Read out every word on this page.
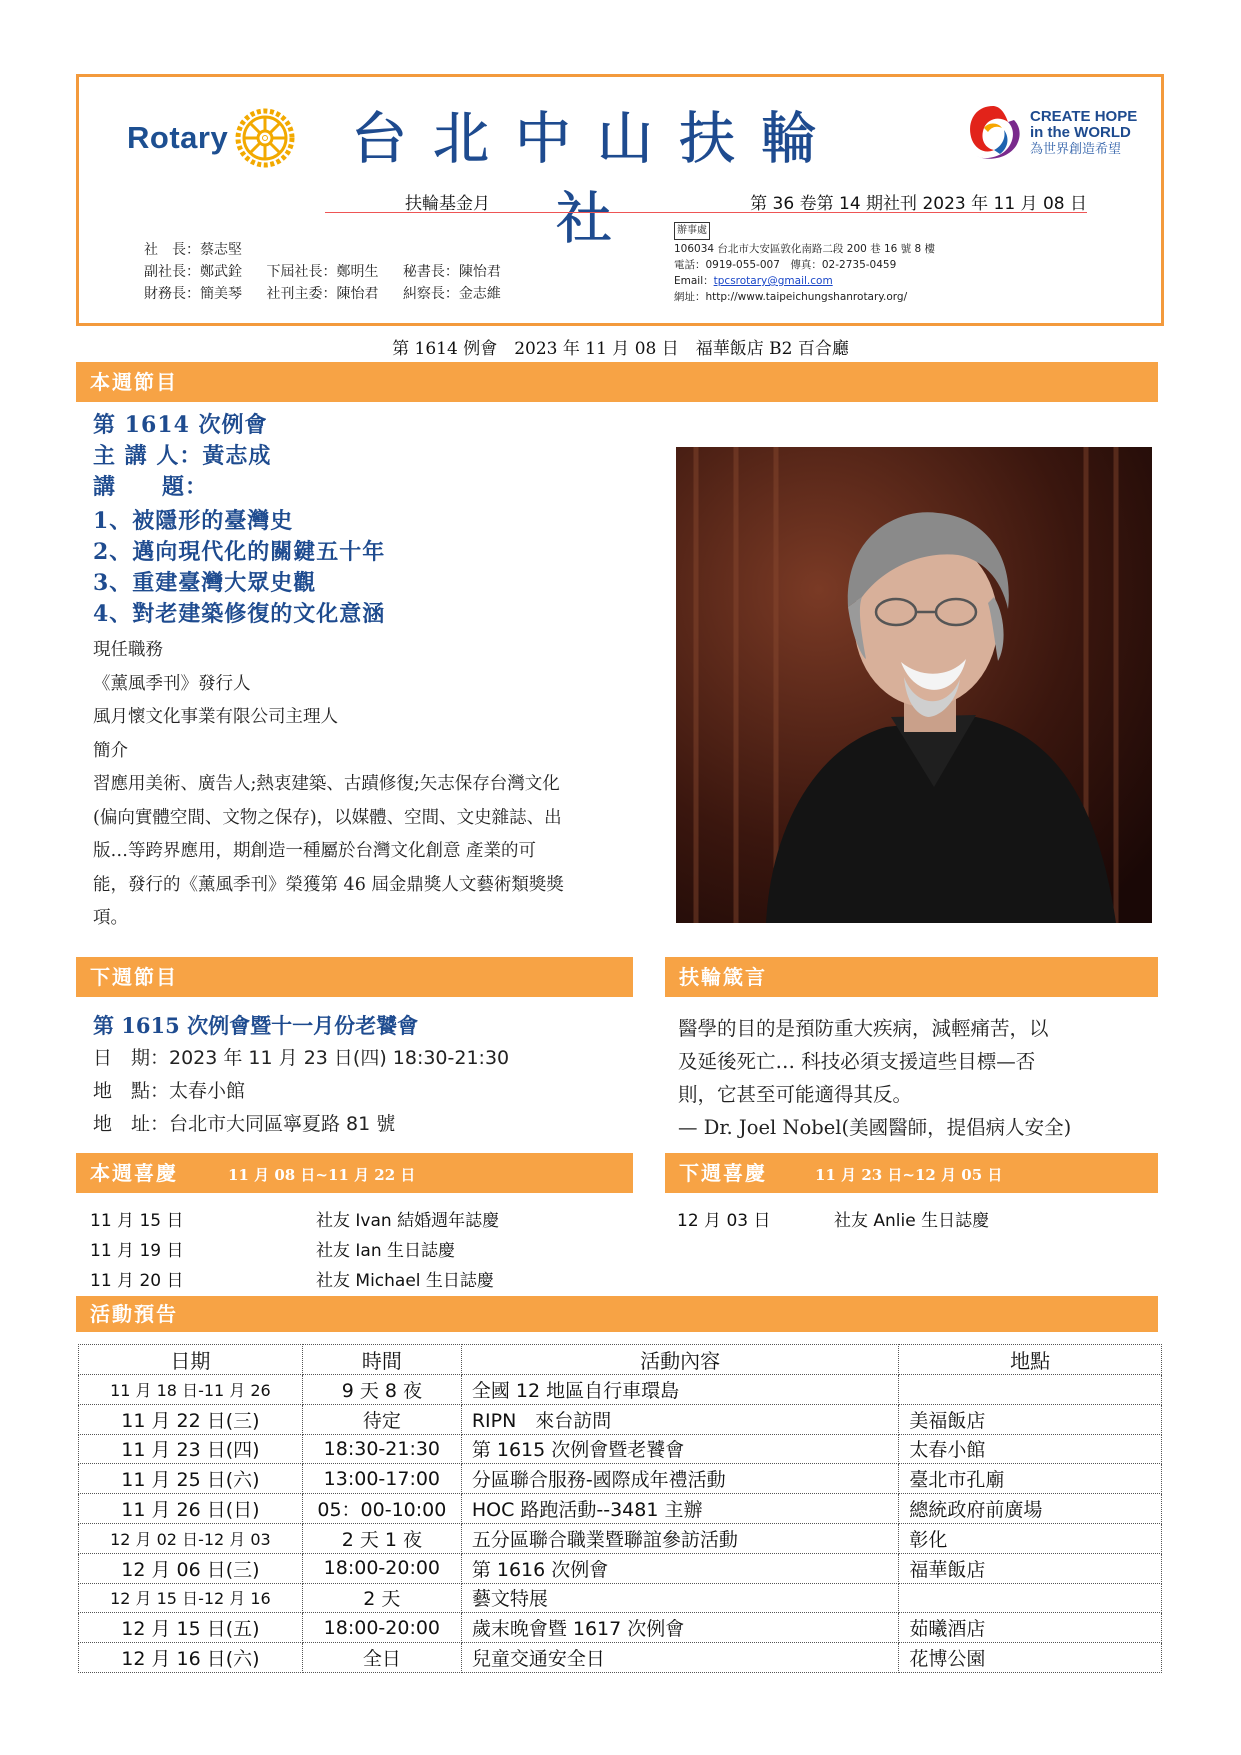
Rotary 台北中山扶輪社
CREATE HOPE
in the WORLD
為世界創造希望
扶輪基金月	第 36 卷第 14 期社刊 2023 年 11 月 08 日
社　長：蔡志堅
副社長：鄭武銓 下屆社長：鄭明生 秘書長：陳怡君
財務長：簡美琴 社刊主委：陳怡君 糾察長：金志維
辦事處
106034 台北市大安區敦化南路二段 200 巷 16 號 8 樓
電話：0919-055-007　傳真：02-2735-0459
Email：tpcsrotary@gmail.com
網址：http://www.taipeichungshanrotary.org/
第 1614 例會　2023 年 11 月 08 日　福華飯店 B2 百合廳
本週節目
第 1614 次例會
主 講 人：黃志成
講　　題：
1、被隱形的臺灣史
2、邁向現代化的關鍵五十年
3、重建臺灣大眾史觀
4、對老建築修復的文化意涵
現任職務
《薰風季刊》發行人
風月懷文化事業有限公司主理人
簡介
習應用美術、廣告人;熱衷建築、古蹟修復;矢志保存台灣文化
(偏向實體空間、文物之保存)，以媒體、空間、文史雜誌、出
版…等跨界應用，期創造一種屬於台灣文化創意 產業的可
能，發行的《薰風季刊》榮獲第 46 屆金鼎獎人文藝術類獎獎
項。
下週節目	扶輪箴言
第 1615 次例會暨十一月份老饕會
日　期：2023 年 11 月 23 日(四) 18:30-21:30
地　點：太春小館
地　址：台北市大同區寧夏路 81 號
醫學的目的是預防重大疾病，減輕痛苦，以
及延後死亡… 科技必須支援這些目標—否
則，它甚至可能適得其反。
— Dr. Joel Nobel(美國醫師，提倡病人安全)
本週喜慶	11 月 08 日~11 月 22 日	下週喜慶	11 月 23 日~12 月 05 日
11 月 15 日	社友 Ivan 結婚週年誌慶
11 月 19 日	社友 Ian 生日誌慶
11 月 20 日	社友 Michael 生日誌慶
12 月 03 日	社友 Anlie 生日誌慶
活動預告
日期	時間	活動內容	地點
11 月 18 日-11 月 26	9 天 8 夜	全國 12 地區自行車環島	
11 月 22 日(三)	待定	RIPN　來台訪問	美福飯店
11 月 23 日(四)	18:30-21:30	第 1615 次例會暨老饕會	太春小館
11 月 25 日(六)	13:00-17:00	分區聯合服務-國際成年禮活動	臺北市孔廟
11 月 26 日(日)	05：00-10:00	HOC 路跑活動--3481 主辦	總統政府前廣場
12 月 02 日-12 月 03	2 天 1 夜	五分區聯合職業暨聯誼參訪活動	彰化
12 月 06 日(三)	18:00-20:00	第 1616 次例會	福華飯店
12 月 15 日-12 月 16	2 天	藝文特展	
12 月 15 日(五)	18:00-20:00	歲末晚會暨 1617 次例會	茹曦酒店
12 月 16 日(六)	全日	兒童交通安全日	花博公園
